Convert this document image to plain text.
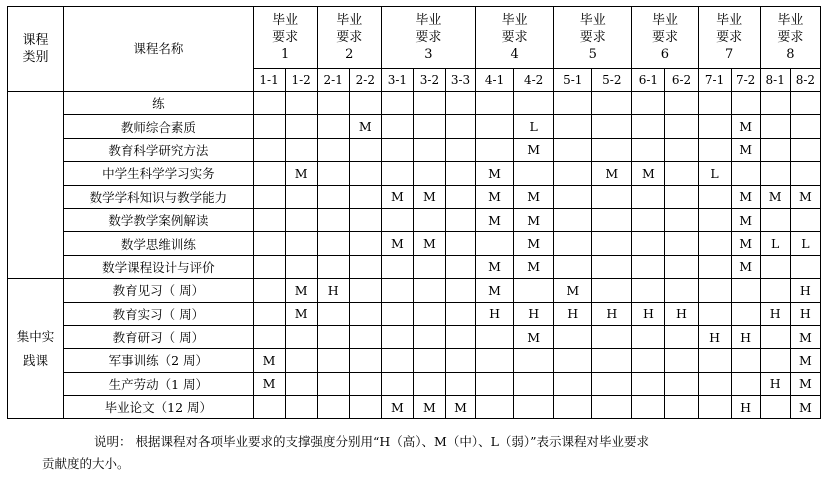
课程
类别	课程名称	毕业
要求
1		毕业
要求
2		毕业
要求
3			毕业
要求
4		毕业
要求
5		毕业
要求
6		毕业
要求
7		毕业
要求
8	

		1-1	1-2	2-1	2-2	3-1	3-2	3-3	4-1	4-2	5-1	5-2	6-1	6-2	7-1	7-2	8-1	8-2
	练																	
	教师综合素质				M					L						M		
	教育科学研究方法									M						M		
	中学生科学学习实务		M						M			M	M		L			
	数学学科知识与教学能力					M	M		M	M						M	M	M
	数学教学案例解读								M	M						M		
	数学思维训练					M	M			M						M	L	L
	数学课程设计与评价								M	M						M		

集中实
践课	教育见习（ 周）		M	H					M		M							H
	教育实习（ 周）		M						H	H	H	H	H	H			H	H
	教育研习（ 周）									M					H	H		M
	军事训练（2 周）	M																M
	生产劳动（1 周）	M															H	M
	毕业论文（12 周）					M	M	M								H		M
说明： 根据课程对各项毕业要求的支撑强度分别用“H（高）、M（中）、L（弱）”表示课程对毕业要求
贡献度的大小。
